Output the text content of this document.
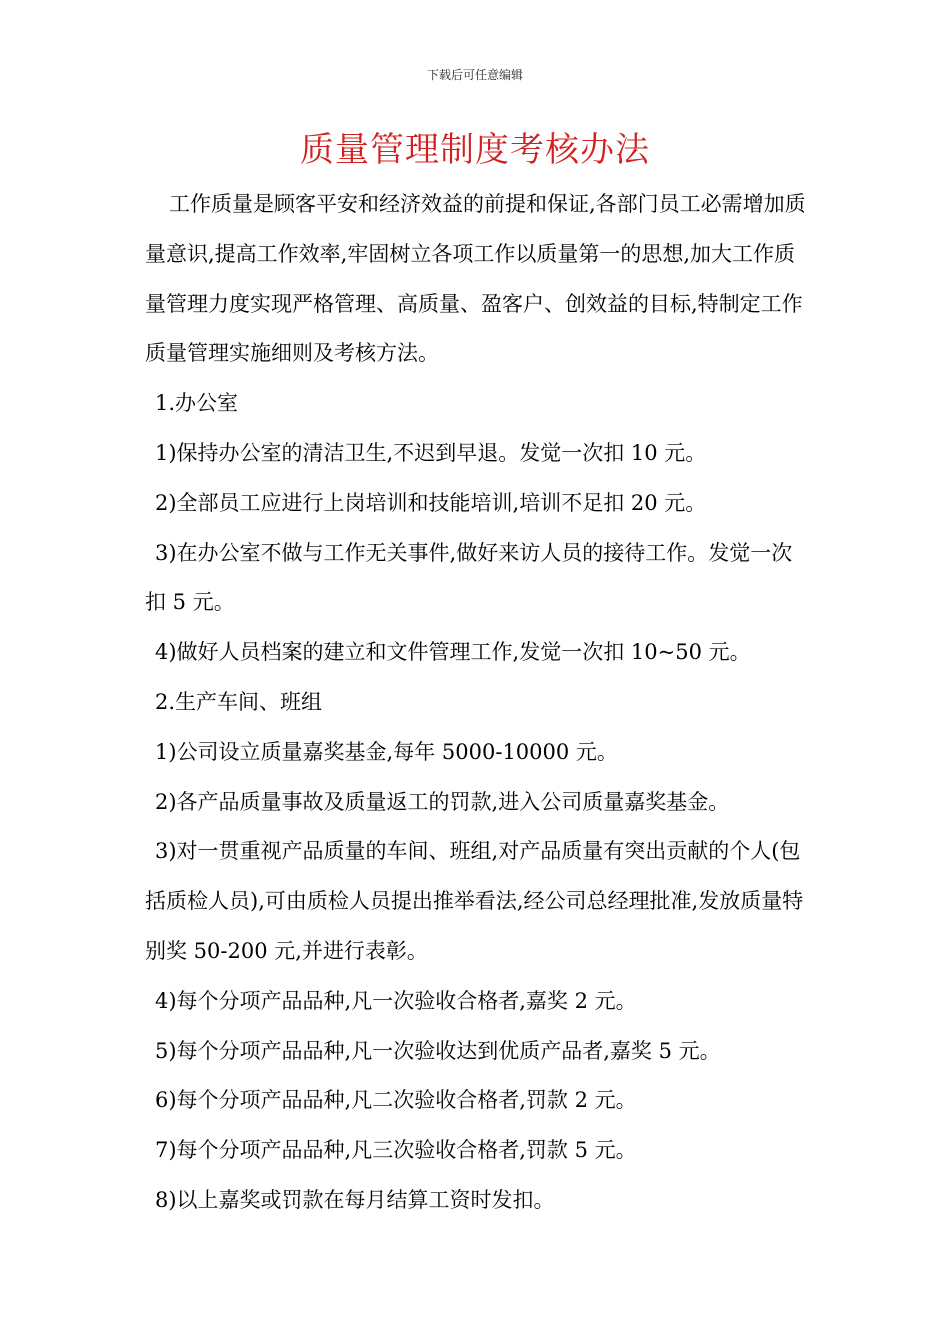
下载后可任意编辑
质量管理制度考核办法

工作质量是顾客平安和经济效益的前提和保证,各部门员工必需增加质量意识,提高工作效率,牢固树立各项工作以质量第一的思想,加大工作质量管理力度实现严格管理、高质量、盈客户、创效益的目标,特制定工作质量管理实施细则及考核方法。

1.办公室

1)保持办公室的清洁卫生,不迟到早退。发觉一次扣 10 元。

2)全部员工应进行上岗培训和技能培训,培训不足扣 20 元。

3)在办公室不做与工作无关事件,做好来访人员的接待工作。发觉一次扣 5 元。

4)做好人员档案的建立和文件管理工作,发觉一次扣 10~50 元。

2.生产车间、班组

1)公司设立质量嘉奖基金,每年 5000-10000 元。

2)各产品质量事故及质量返工的罚款,进入公司质量嘉奖基金。

3)对一贯重视产品质量的车间、班组,对产品质量有突出贡献的个人(包括质检人员),可由质检人员提出推举看法,经公司总经理批准,发放质量特别奖 50-200 元,并进行表彰。

4)每个分项产品品种,凡一次验收合格者,嘉奖 2 元。

5)每个分项产品品种,凡一次验收达到优质产品者,嘉奖 5 元。

6)每个分项产品品种,凡二次验收合格者,罚款 2 元。

7)每个分项产品品种,凡三次验收合格者,罚款 5 元。

8)以上嘉奖或罚款在每月结算工资时发扣。
